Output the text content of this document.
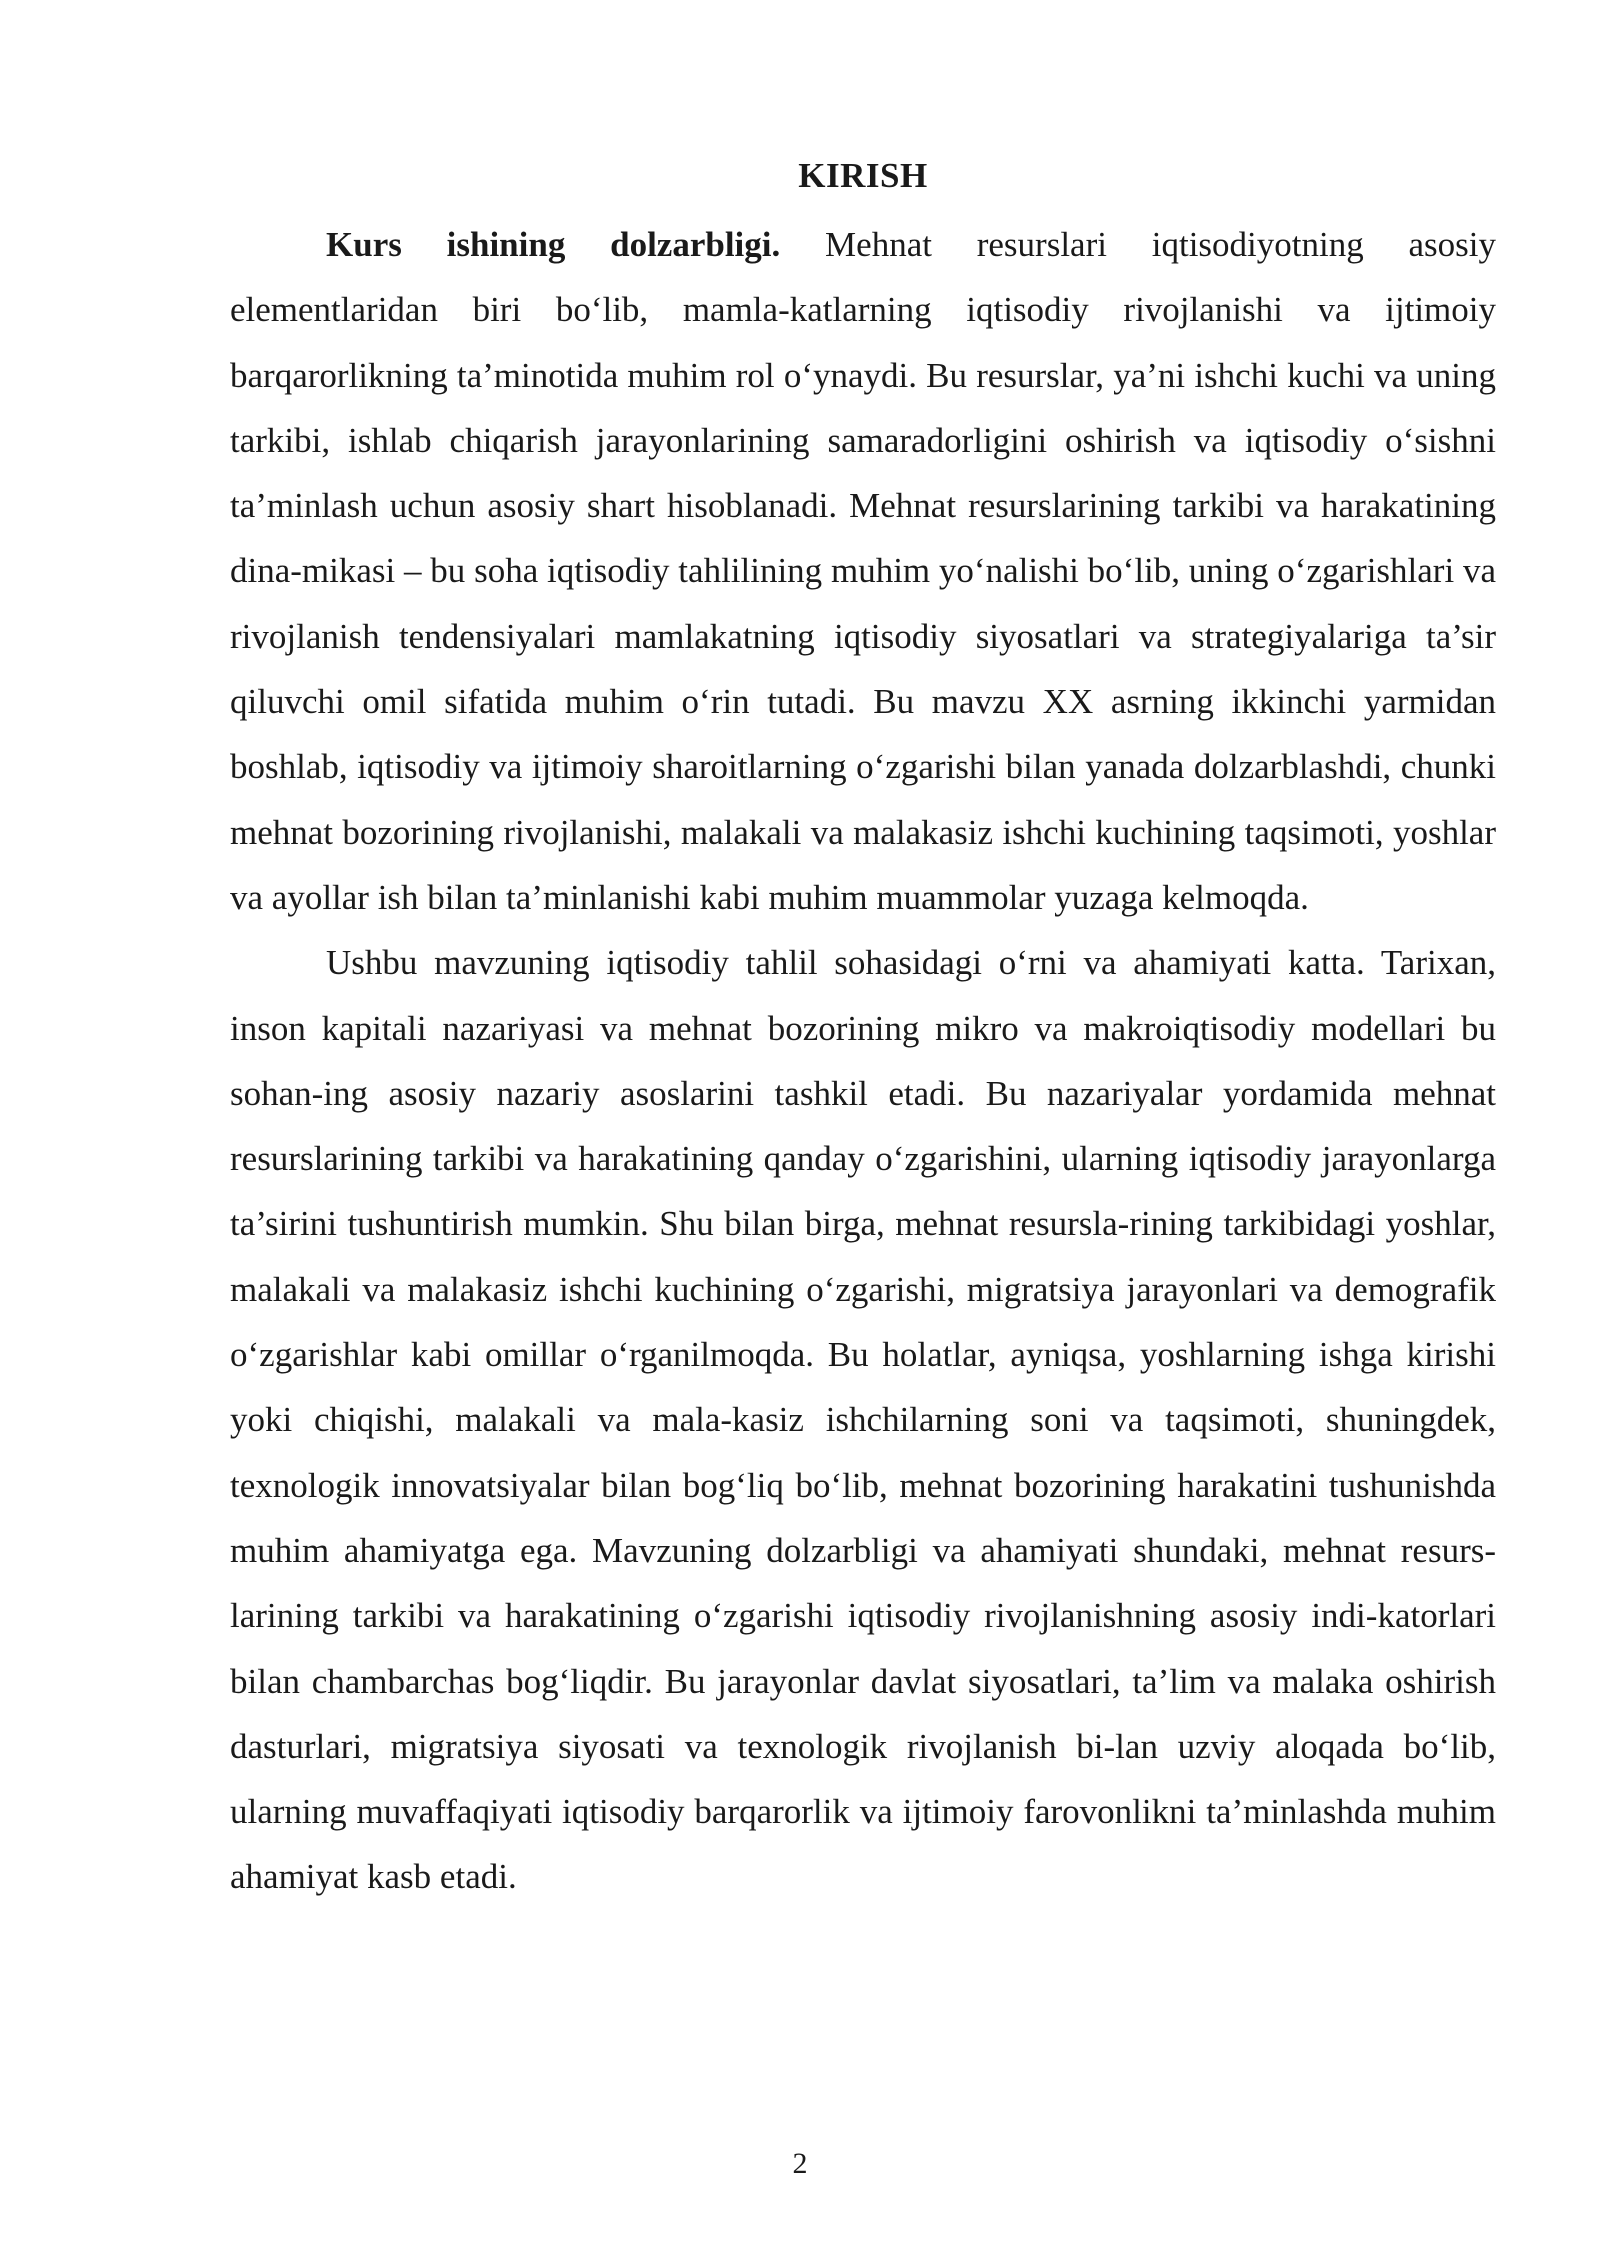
KIRISH

Kurs ishining dolzarbligi. Mehnat resurslari iqtisodiyotning asosiy elementlaridan biri bo‘lib, mamla-katlarning iqtisodiy rivojlanishi va ijtimoiy barqarorlikning ta’minotida muhim rol o‘ynaydi. Bu resurslar, ya’ni ishchi kuchi va uning tarkibi, ishlab chiqarish jarayonlarining samaradorligini oshirish va iqtisodiy o‘sishni ta’minlash uchun asosiy shart hisoblanadi. Mehnat resurslarining tarkibi va harakatining dina-mikasi – bu soha iqtisodiy tahlilining muhim yo‘nalishi bo‘lib, uning o‘zgarishlari va rivojlanish tendensiyalari mamlakatning iqtisodiy siyosatlari va strategiyalariga ta’sir qiluvchi omil sifatida muhim o‘rin tutadi. Bu mavzu XX asrning ikkinchi yarmidan boshlab, iqtisodiy va ijtimoiy sharoitlarning o‘zgarishi bilan yanada dolzarblashdi, chunki mehnat bozorining rivojlanishi, malakali va malakasiz ishchi kuchining taqsimoti, yoshlar va ayollar ish bilan ta’minlanishi kabi muhim muammolar yuzaga kelmoqda.

Ushbu mavzuning iqtisodiy tahlil sohasidagi o‘rni va ahamiyati katta. Tarixan, inson kapitali nazariyasi va mehnat bozorining mikro va makroiqtisodiy modellari bu sohan-ing asosiy nazariy asoslarini tashkil etadi. Bu nazariyalar yordamida mehnat resurslarining tarkibi va harakatining qanday o‘zgarishini, ularning iqtisodiy jarayonlarga ta’sirini tushuntirish mumkin. Shu bilan birga, mehnat resursla-rining tarkibidagi yoshlar, malakali va malakasiz ishchi kuchining o‘zgarishi, migratsiya jarayonlari va demografik o‘zgarishlar kabi omillar o‘rganilmoqda. Bu holatlar, ayniqsa, yoshlarning ishga kirishi yoki chiqishi, malakali va mala-kasiz ishchilarning soni va taqsimoti, shuningdek, texnologik innovatsiyalar bilan bog‘liq bo‘lib, mehnat bozorining harakatini tushunishda muhim ahamiyatga ega. Mavzuning dolzarbligi va ahamiyati shundaki, mehnat resurs-larining tarkibi va harakatining o‘zgarishi iqtisodiy rivojlanishning asosiy indi-katorlari bilan chambarchas bog‘liqdir. Bu jarayonlar davlat siyosatlari, ta’lim va malaka oshirish dasturlari, migratsiya siyosati va texnologik rivojlanish bi-lan uzviy aloqada bo‘lib, ularning muvaffaqiyati iqtisodiy barqarorlik va ijtimoiy farovonlikni ta’minlashda muhim ahamiyat kasb etadi.

2
